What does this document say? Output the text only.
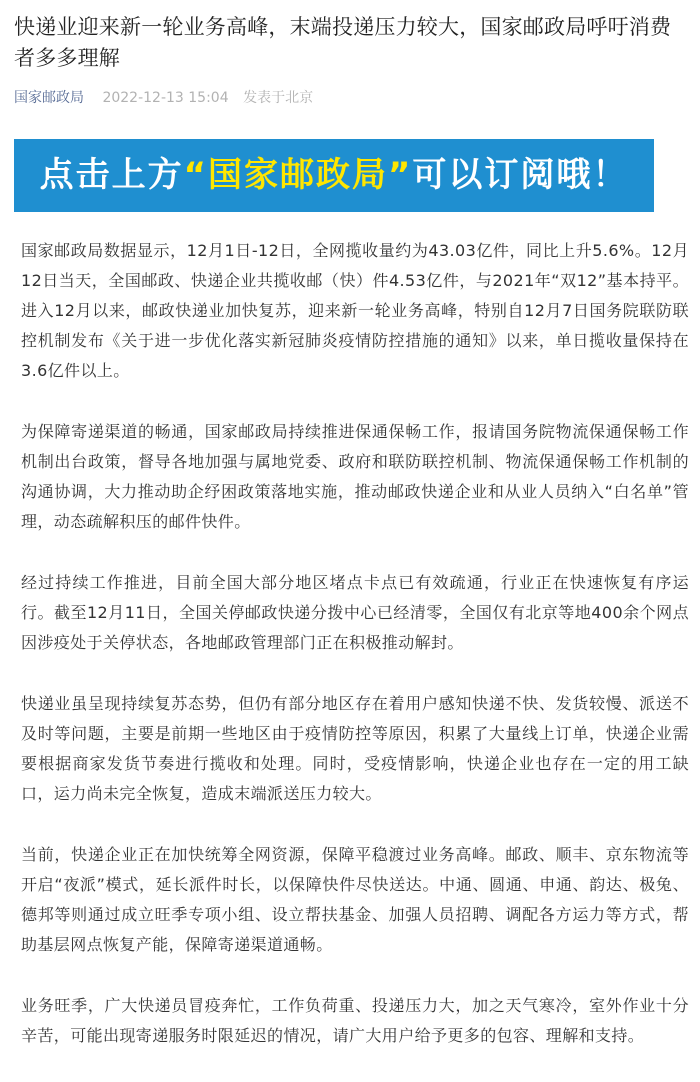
快递业迎来新一轮业务高峰，末端投递压力较大，国家邮政局呼吁消费者多多理解
国家邮政局 2022-12-13 15:04 发表于北京
点击上方“国家邮政局”可以订阅哦！

国家邮政局数据显示，12月1日-12日，全网揽收量约为43.03亿件，同比上升5.6%。12月12日当天，全国邮政、快递企业共揽收邮（快）件4.53亿件，与2021年“双12”基本持平。进入12月以来，邮政快递业加快复苏，迎来新一轮业务高峰，特别自12月7日国务院联防联控机制发布《关于进一步优化落实新冠肺炎疫情防控措施的通知》以来，单日揽收量保持在3.6亿件以上。

为保障寄递渠道的畅通，国家邮政局持续推进保通保畅工作，报请国务院物流保通保畅工作机制出台政策，督导各地加强与属地党委、政府和联防联控机制、物流保通保畅工作机制的沟通协调，大力推动助企纾困政策落地实施，推动邮政快递企业和从业人员纳入“白名单”管理，动态疏解积压的邮件快件。

经过持续工作推进，目前全国大部分地区堵点卡点已有效疏通，行业正在快速恢复有序运行。截至12月11日，全国关停邮政快递分拨中心已经清零，全国仅有北京等地400余个网点因涉疫处于关停状态，各地邮政管理部门正在积极推动解封。

快递业虽呈现持续复苏态势，但仍有部分地区存在着用户感知快递不快、发货较慢、派送不及时等问题，主要是前期一些地区由于疫情防控等原因，积累了大量线上订单，快递企业需要根据商家发货节奏进行揽收和处理。同时，受疫情影响，快递企业也存在一定的用工缺口，运力尚未完全恢复，造成末端派送压力较大。

当前，快递企业正在加快统筹全网资源，保障平稳渡过业务高峰。邮政、顺丰、京东物流等开启“夜派”模式，延长派件时长，以保障快件尽快送达。中通、圆通、申通、韵达、极兔、德邦等则通过成立旺季专项小组、设立帮扶基金、加强人员招聘、调配各方运力等方式，帮助基层网点恢复产能，保障寄递渠道通畅。

业务旺季，广大快递员冒疫奔忙，工作负荷重、投递压力大，加之天气寒冷，室外作业十分辛苦，可能出现寄递服务时限延迟的情况，请广大用户给予更多的包容、理解和支持。
